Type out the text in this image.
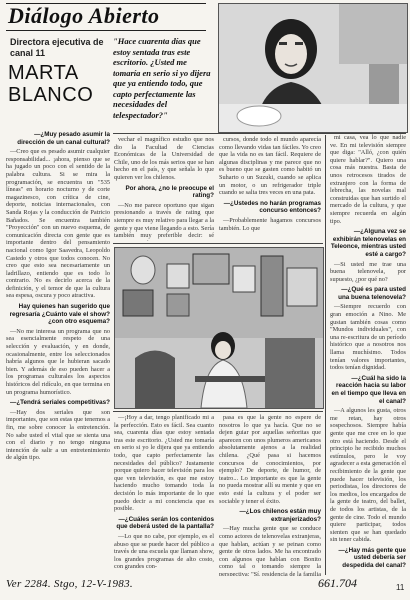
Diálogo Abierto
Directora ejecutiva de canal 11
MARTA
BLANCO
"Hace cuarenta días que estoy sentada tras este escritorio. ¿Usted me tomaría en serio si yo dijera que ya entiendo todo, que capto perfectamente las necesidades del telespectador?"
—¿Muy pesado asumir la dirección de un canal cultural?

—Creo que es pesado asumir cualquier responsabilidad... ¡ahora, pienso que se ha jugado un poco con el sentido de la palabra cultura. Si se mira la programación, se encuentra un "535 líneas" en horario nocturno y de corte magazinesco, con crítica de cine, deporte, noticias internacionales, con Sanda Rojas y la conducción de Patricio Bañados. Se encuentra también "Proyección" con un nuevo esquema, de comunicación directa con gente que es importante dentro del pensamiento nacional como Igor Saavedra, Leopoldo Castedo y otros que todos conocen. No creo que esto sea necesariamente un ladrillazo, entiendo que es todo lo contrario. No es decirlo acerca de la definición, y el temor de que la cultura sea espesa, oscura y poco atractiva.

Hay quienes han sugerido que regresaría ¿Cuánto vale el show? ¿con otro esquema?

—No me interesa un programa que no sea esencialmente respeto de una selección y evaluación, y en donde, ocasionalmente, entre los seleccionados habría algunos que le hubieran sacado bien. Y además de eso pueden hacer a los programas culturales los aspectos históricos del ridículo, en que termina en un programa humorístico.

—¿Tendrá seriales competitivas?

—Hay dos seriales que son importantes, que son estas que tenemos a fin, me sobre conocer la entretención. No sabe usted el vital que se sienta una con el diario y no tengo ninguna intención de salir a un entretenimiento de algún tipo.

vechar el magnífico estudio que nos dio la Facultad de Ciencias Económicas de la Universidad de Chile, uno de los más serios que se han hecho en el país, y que señala lo que quieren ver los chilenos.

Por ahora, ¿no le preocupe el rating?

—No me parece oportuno que sigan presionando a través de rating que siempre es muy relativo para llegar a la gente y que viene llegando a esto. Sería también muy preferible decir: sé

cursos, donde todo el mundo aparecía como llevando vidas tan fáciles. Yo creo que la vida no es tan fácil. Requiere de algunas disciplinas y me parece que no es bueno que se gasten como habitó un Suharto o un Suzuki, cuando se aplica un motor, o un refrigerador triple cuando se salta tres veces en una pata.

—¿Ustedes no harán programas concurso entonces?

—Probablemente hagamos concursos también. Lo que

—¡Hoy a dar, tengo planificado mi a la perfección. Esto es fácil. Sea cuanto sea, cuarenta días que estoy sentada tras este escritorio. ¿Usted me tomaría en serio si yo le dijera que ya entiendo todo, que capto perfectamente las necesidades del público? Justamente porque quiero hacer televisión para los que ven televisión, es que me estoy haciendo mucho tomando toda la decisión lo más importante de lo que puedo decir a mi conciencia que es posible.

—¿Cuáles serán los contenidos que deberá usted de la pantalla?

—Lo que no cabe, por ejemplo, es el abuso que se puede hacer del público a través de una escuela que llaman show, los grandes programas de alto costo, con grandes con-

pasa es que la gente no espere de nosotros lo que ya hacía. Que no se dejen guiar por aquellas señoritas que aparecen con unos plumeros americanos absolutamente ajenos a la realidad chilena. ¿Qué pasa si hacemos concursos de conocimientos, por ejemplo? De deporte, de humor, de teatro... Lo importante es que la gente no pueda mostrar allí su mente y que en esto esté la cultura y el poder ser sociable y tener el éxito.

—¿Los chilenos están muy extranjerizados?

—Hay mucha gente que se conduce como actores de telenovelas extranjeras, que hablan, actúan y se peinan como gente de otros lados. Me ha encontrado con algunos que hablan con Bonito como tal o tomando siempre la perspectiva: "Sí, residencia de la familia

mi casa, vea lo que nadie ve. En mi televisión siempre que diga: "Alló, ¿con quién quiere hablar?". Quiero una cosa más nuestra. Basta de unos retrocesos tirados de extranjero con la forma de lebrecha, las novelas mal construidas que han surtido el mercado de la cultura, y que siempre recuerda en algún tipo.

—¿Alguna vez se exhibirán telenovelas en Teleonce, mientras usted esté a cargo?

—Si usted me trae una buena telenovela, por supuesto, ¿por qué no?

—¿Qué es para usted una buena telenovela?

—Siempre recuerdo con gran emoción a Nino. Me gustan también cosas como "Mundos individuales", con una re-escritura de un período histórico que a nosotros nos llama muchísimo. Todos tenían valores importantes, todos tenían dignidad.

—¿Cuál ha sido la reacción hacia su labor en el tiempo que lleva en el canal?

—A algunos les gusta, otros me retan, hay otros sospechosos. Siempre había gente que me cree en lo que otro está haciendo. Desde el principio he recibido muchos estímulos, pero le voy agradecer a esta generación el recibimiento de la gente que puede hacer televisión, los periodistas, los directores de los medios, los encargados de la gente de teatro, del ballet, de todos los artistas, de la gente de cine. Todo el mundo quiere participar, todos sienten que se han quedado sin tener cabida.

—¿Hay más gente que usted debería ser despedida del canal?

Ver 2284. Stgo, 12-V-1983.	661.704	11
